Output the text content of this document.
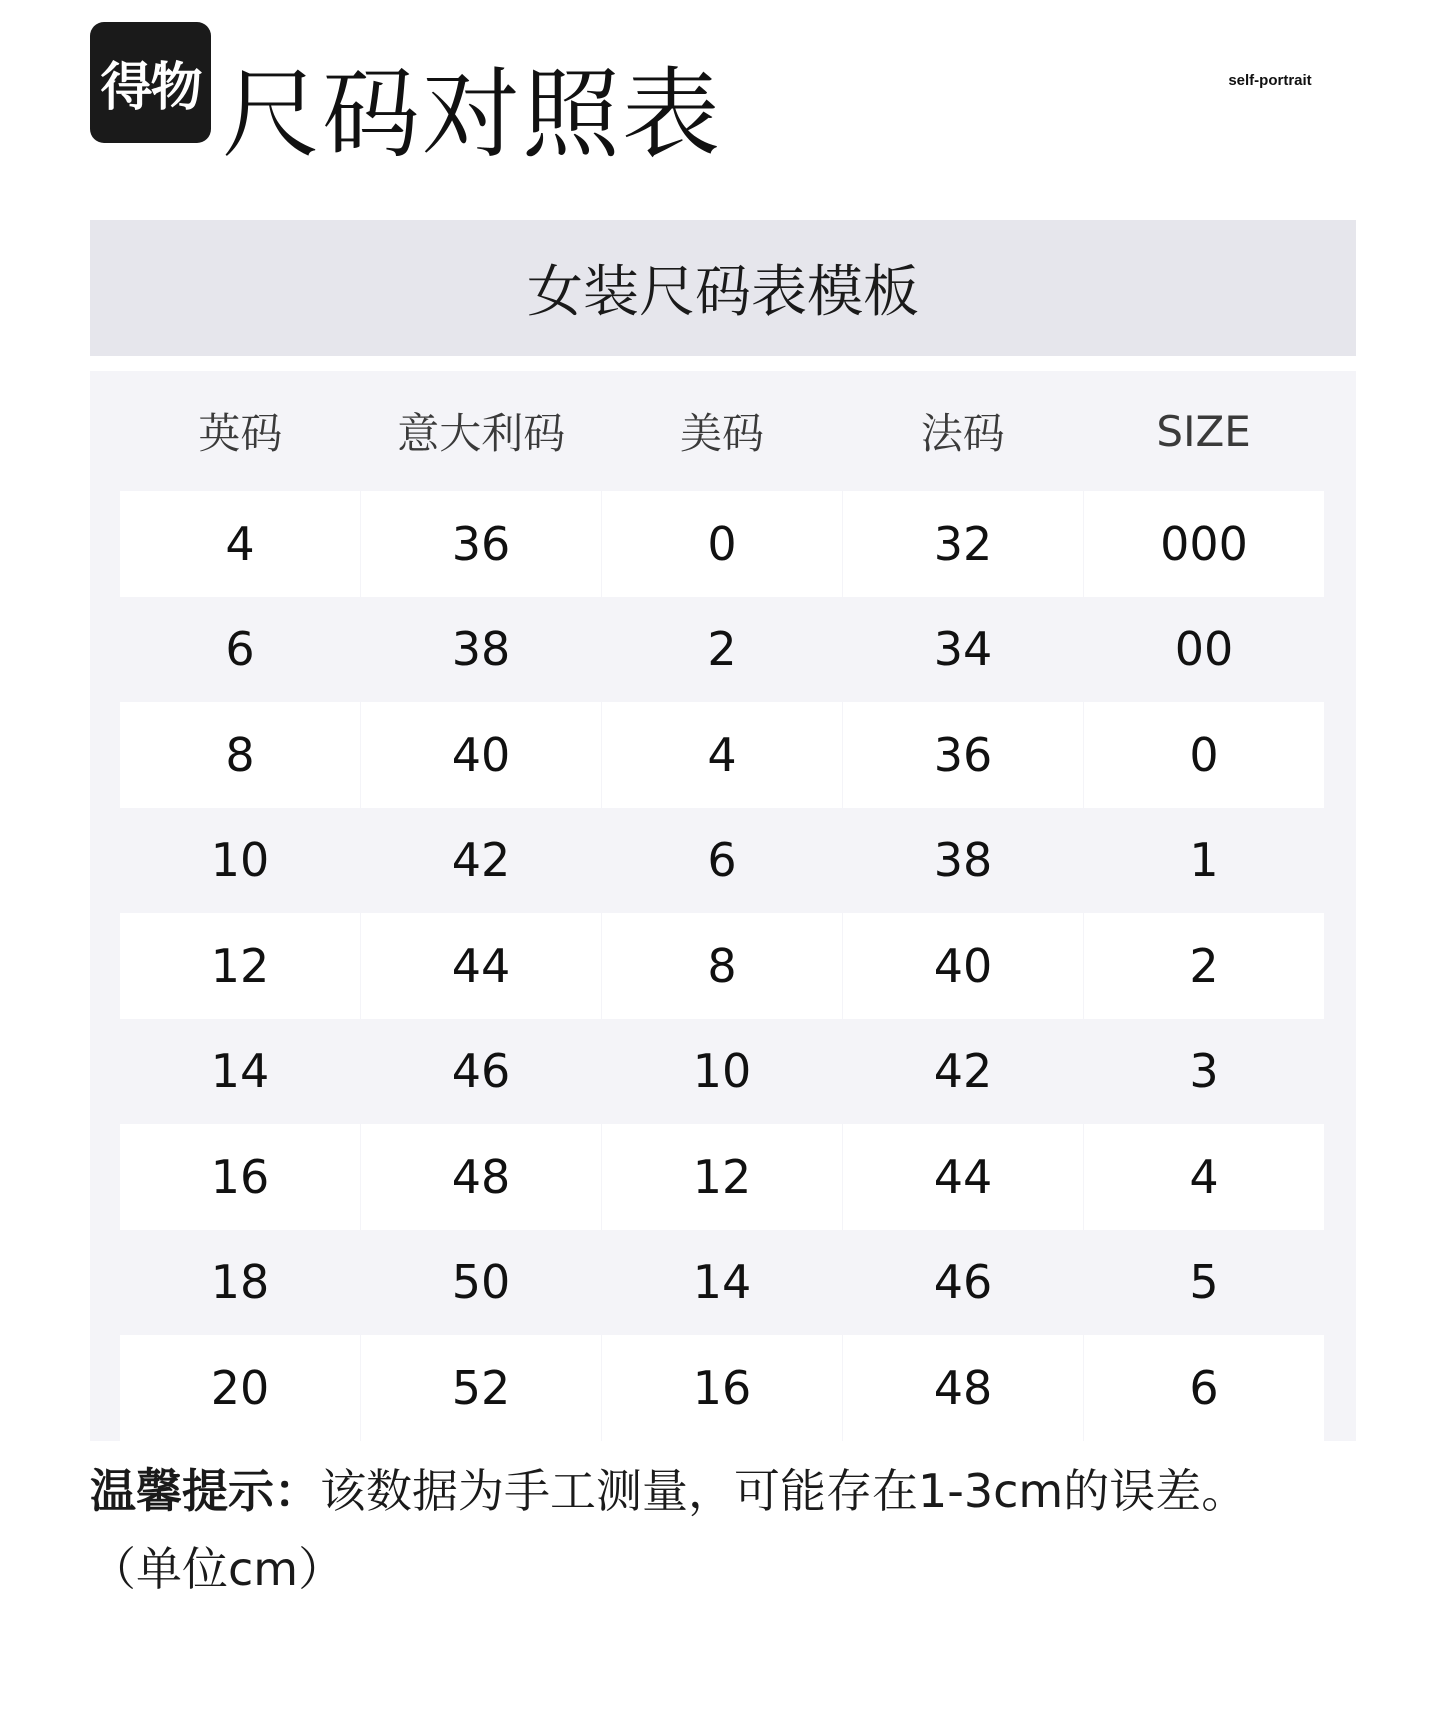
得物 尺码对照表	self-portrait
女装尺码表模板
英码	意大利码	美码	法码	SIZE
4	36	0	32	000
6	38	2	34	00
8	40	4	36	0
10	42	6	38	1
12	44	8	40	2
14	46	10	42	3
16	48	12	44	4
18	50	14	46	5
20	52	16	48	6
温馨提示：该数据为手工测量，可能存在1-3cm的误差。
（单位cm）
